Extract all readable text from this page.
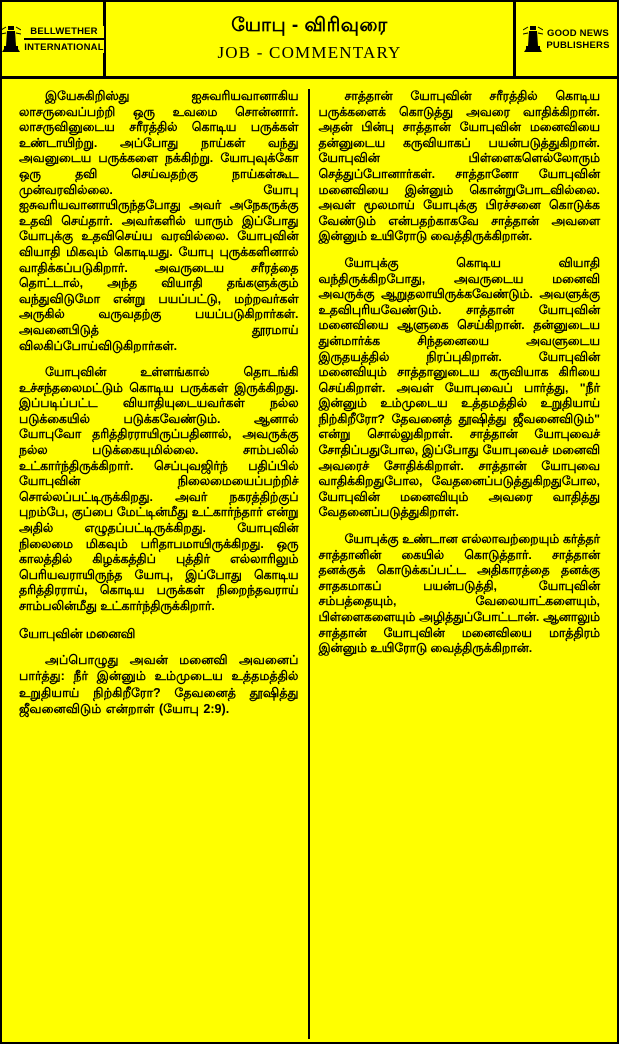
BELLWETHER
INTERNATIONAL
யோபு - விரிவுரை
JOB - COMMENTARY
GOOD NEWS
PUBLISHERS

இயேசுகிறிஸ்து ஐசுவரியவானாகிய லாசருவைப்பற்றி ஒரு உவமை சொன்னார். லாசருவினுடைய சரீரத்தில் கொடிய பருக்கள் உண்டாயிற்று. அப்போது நாய்கள் வந்து அவனுடைய பருக்களை நக்கிற்று. யோபுவுக்கோ ஒரு தவி செய்வதற்கு நாய்கள்கூட முன்வரவில்லை. யோபு ஐசுவரியவானாயிருந்தபோது அவர் அநேகருக்கு உதவி செய்தார். அவர்களில் யாரும் இப்போது யோபுக்கு உதவிசெய்ய வரவில்லை. யோபுவின் வியாதி மிகவும் கொடியது. யோபு புருக்களினால் வாதிக்கப்படுகிறார். அவருடைய சரீரத்தை தொட்டால், அந்த வியாதி தங்களுக்கும் வந்துவிடுமோ என்று பயப்பட்டு, மற்றவர்கள் அருகில் வருவதற்கு பயப்படுகிறார்கள். அவனைபிடுத் தூரமாய் விலகிப்போய்விடுகிறார்கள்.

யோபுவின் உள்ளங்கால் தொடங்கி உச்சந்தலைமட்டும் கொடிய பருக்கள் இருக்கிறது. இப்படிப்பட்ட வியாதியுடையவர்கள் நல்ல படுக்கையில் படுக்கவேண்டும். ஆனால் யோபுவோ தரித்திரராயிருப்பதினால், அவருக்கு நல்ல படுக்கையுமில்லை. சாம்பலில் உட்கார்ந்திருக்கிறார். செப்புவஜிர்ந் பதிப்பில் யோபுவின் நிலைமையைப்பற்றிச் சொல்லப்பட்டிருக்கிறது. அவர் நகரத்திற்குப் புறம்பே, குப்பை மேட்டின்மீது உட்கார்ந்தார் என்று அதில் எழுதப்பட்டிருக்கிறது. யோபுவின் நிலைமை மிகவும் பரிதாபமாயிருக்கிறது. ஒரு காலத்தில் கிழக்கத்திப் புத்திர் எல்லாரிலும் பெரியவராயிருந்த யோபு, இப்போது கொடிய தரித்திரராய், கொடிய பருக்கள் நிறைந்தவராய் சாம்பலின்மீது உட்கார்ந்திருக்கிறார்.

யோபுவின் மனைவி

அப்பொழுது அவன் மனைவி அவனைப் பார்த்து: நீர் இன்னும் உம்முடைய உத்தமத்தில் உறுதியாய் நிற்கிறீரோ? தேவனைத் தூஷித்து ஜீவனைவிடும் என்றாள் (யோபு 2:9).

சாத்தான் யோபுவின் சரீரத்தில் கொடிய பருக்களைக் கொடுத்து அவரை வாதிக்கிறான். அதன் பின்பு சாத்தான் யோபுவின் மனைவியை தன்னுடைய கருவியாகப் பயன்படுத்துகிறான். யோபுவின் பிள்ளைகளெல்லோரும் செத்துப்போனார்கள். சாத்தானோ யோபுவின் மனைவியை இன்னும் கொன்றுபோடவில்லை. அவள் மூலமாய் யோபுக்கு பிரச்சனை கொடுக்க வேண்டும் என்பதற்காகவே சாத்தான் அவளை இன்னும் உயிரோடு வைத்திருக்கிறான்.

யோபுக்கு கொடிய வியாதி வந்திருக்கிறபோது, அவருடைய மனைவி அவருக்கு ஆறுதலாயிருக்கவேண்டும். அவளுக்கு உதவிபுரியவேண்டும். சாத்தான் யோபுவின் மனைவியை ஆளுகை செய்கிறான். தன்னுடைய துன்மார்க்க சிந்தனையை அவளுடைய இருதயத்தில் நிரப்புகிறான். யோபுவின் மனைவியும் சாத்தானுடைய கருவியாக கிரியை செய்கிறாள். அவள் யோபுவைப் பார்த்து, "நீர் இன்னும் உம்முடைய உத்தமத்தில் உறுதியாய் நிற்கிறீரோ? தேவனைத் தூஷித்து ஜீவனைவிடும்" என்று சொல்லுகிறாள். சாத்தான் யோபுவைச் சோதிப்பதுபோல, இப்போது யோபுவைச் மனைவி அவரைச் சோதிக்கிறாள். சாத்தான் யோபுவை வாதிக்கிறதுபோல, வேதனைப்படுத்துகிறதுபோல, யோபுவின் மனைவியும் அவரை வாதித்து வேதனைப்படுத்துகிறாள்.

யோபுக்கு உண்டான எல்லாவற்றையும் கர்த்தர் சாத்தானின் கையில் கொடுத்தார். சாத்தான் தனக்குக் கொடுக்கப்பட்ட அதிகாரத்தை தனக்கு சாதகமாகப் பயன்படுத்தி, யோபுவின் சம்பத்தையும், வேலையாட்களையும், பிள்ளைகளையும் அழித்துப்போட்டான். ஆனாலும் சாத்தான் யோபுவின் மனைவியை மாத்திரம் இன்னும் உயிரோடு வைத்திருக்கிறான்.
